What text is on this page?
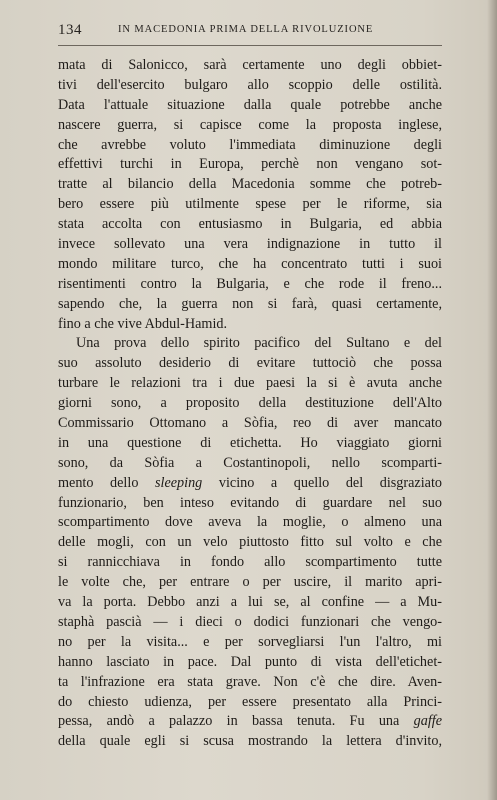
134	IN MACEDONIA PRIMA DELLA RIVOLUZIONE
mata di Salonicco, sarà certamente uno degli obbiet-
tivi dell'esercito bulgaro allo scoppio delle ostilità.
Data l'attuale situazione dalla quale potrebbe anche
nascere guerra, si capisce come la proposta inglese,
che avrebbe voluto l'immediata diminuzione degli
effettivi turchi in Europa, perchè non vengano sot-
tratte al bilancio della Macedonia somme che potreb-
bero essere più utilmente spese per le riforme, sia
stata accolta con entusiasmo in Bulgaria, ed abbia
invece sollevato una vera indignazione in tutto il
mondo militare turco, che ha concentrato tutti i suoi
risentimenti contro la Bulgaria, e che rode il freno...
sapendo che, la guerra non si farà, quasi certamente,
fino a che vive Abdul-Hamid.
Una prova dello spirito pacifico del Sultano e del
suo assoluto desiderio di evitare tuttociò che possa
turbare le relazioni tra i due paesi la si è avuta anche
giorni sono, a proposito della destituzione dell'Alto
Commissario Ottomano a Sòfia, reo di aver mancato
in una questione di etichetta. Ho viaggiato giorni
sono, da Sòfia a Costantinopoli, nello scomparti-
mento dello sleeping vicino a quello del disgraziato
funzionario, ben inteso evitando di guardare nel suo
scompartimento dove aveva la moglie, o almeno una
delle mogli, con un velo piuttosto fitto sul volto e che
si rannicchiava in fondo allo scompartimento tutte
le volte che, per entrare o per uscire, il marito apri-
va la porta. Debbo anzi a lui se, al confine — a Mu-
staphà pascià — i dieci o dodici funzionari che vengo-
no per la visita... e per sorvegliarsi l'un l'altro, mi
hanno lasciato in pace. Dal punto di vista dell'etichet-
ta l'infrazione era stata grave. Non c'è che dire. Aven-
do chiesto udienza, per essere presentato alla Princi-
pessa, andò a palazzo in bassa tenuta. Fu una gaffe
della quale egli si scusa mostrando la lettera d'invito,
